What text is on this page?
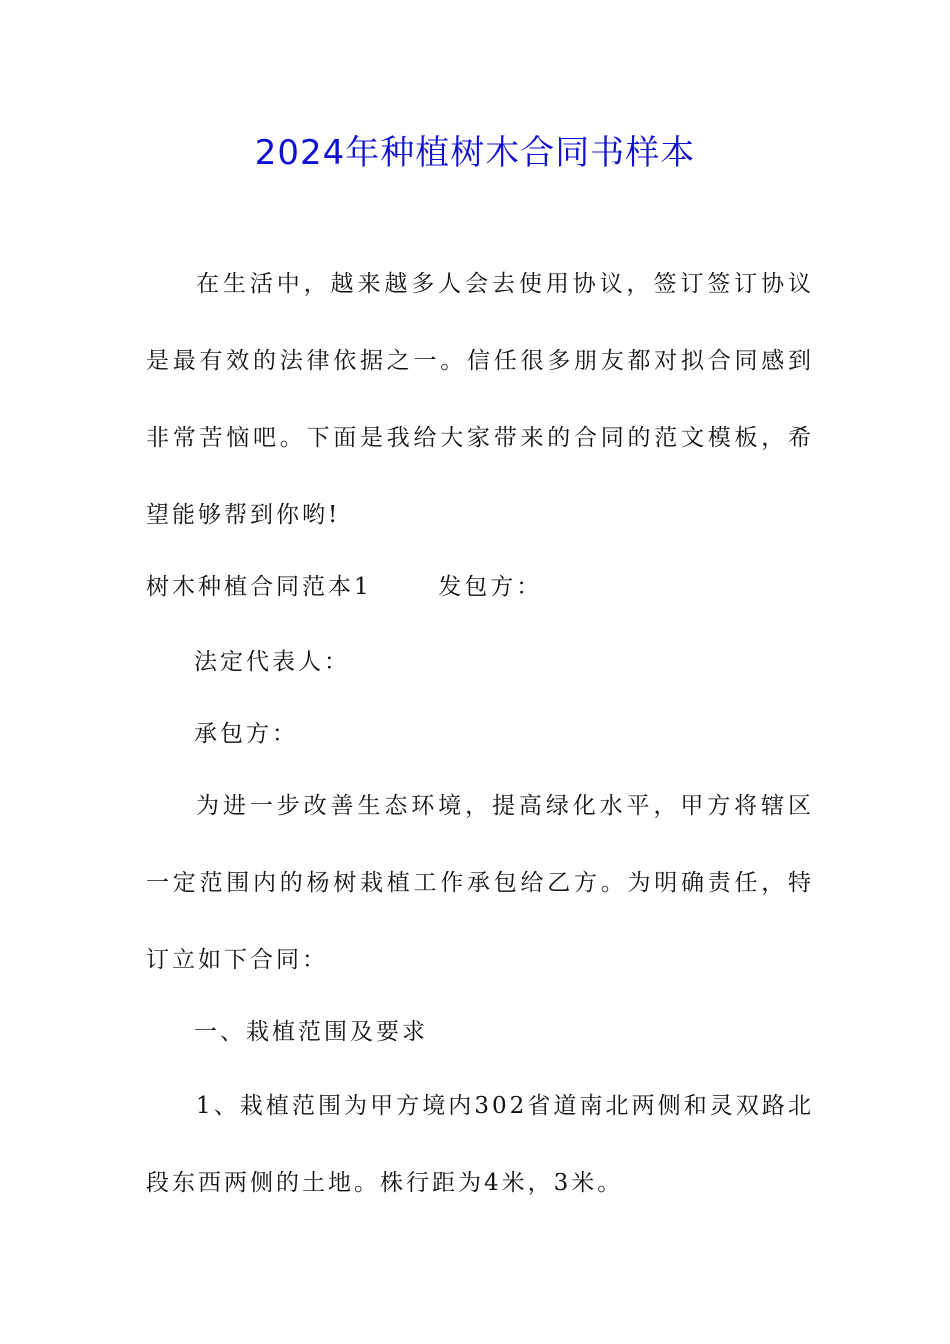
2024年种植树木合同书样本

在生活中，越来越多人会去使用协议，签订签订协议是最有效的法律依据之一。信任很多朋友都对拟合同感到非常苦恼吧。下面是我给大家带来的合同的范文模板，希望能够帮到你哟!

树木种植合同范本1	发包方：
法定代表人：
承包方：

为进一步改善生态环境，提高绿化水平，甲方将辖区一定范围内的杨树栽植工作承包给乙方。为明确责任，特订立如下合同：

一、栽植范围及要求

1、栽植范围为甲方境内302省道南北两侧和灵双路北段东西两侧的土地。株行距为4米，3米。
